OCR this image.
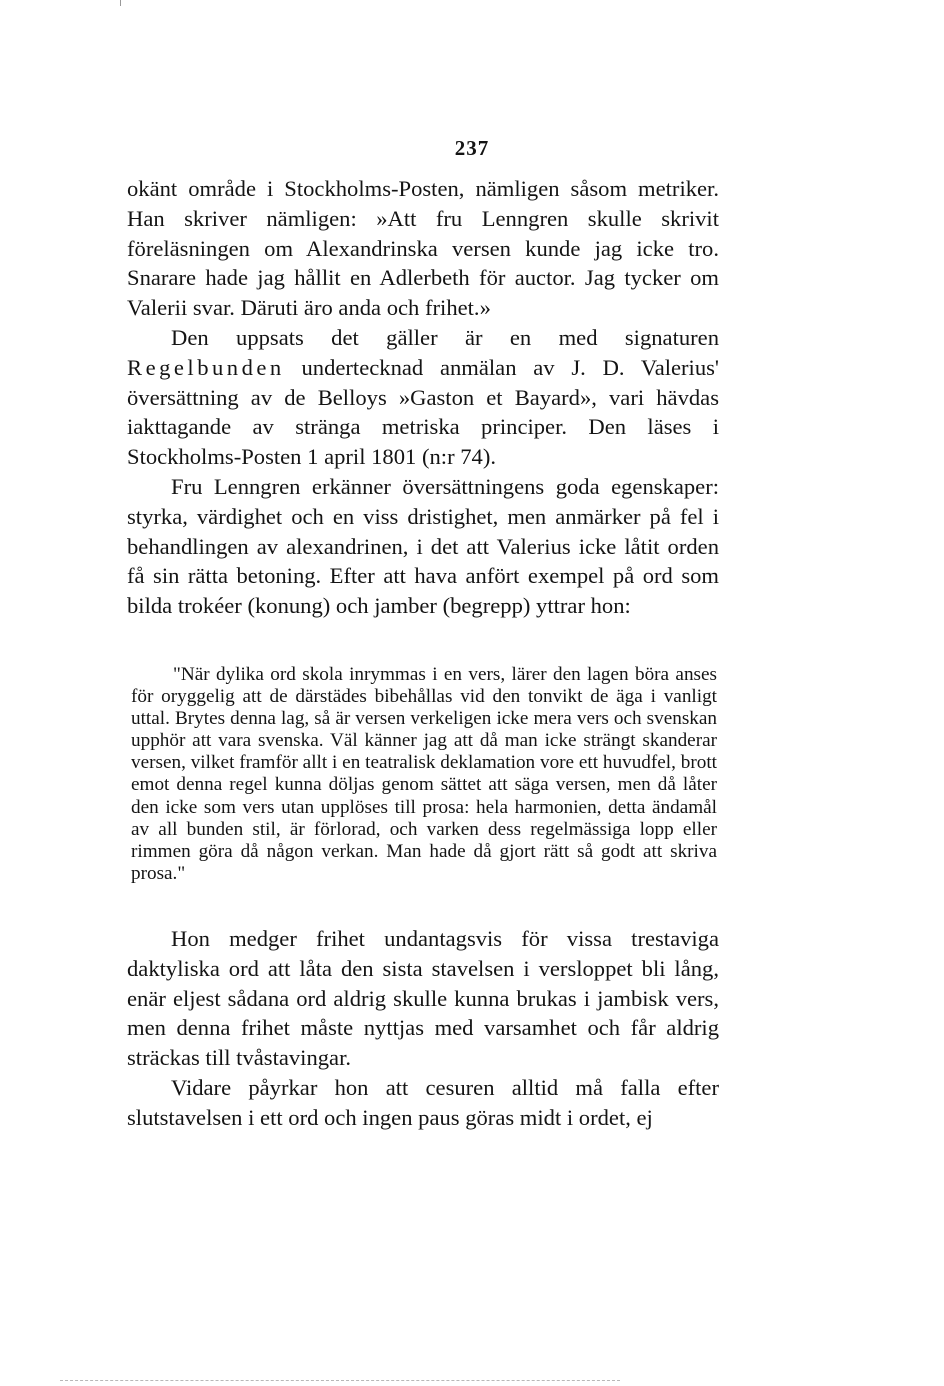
237

okänt område i Stockholms-Posten, nämligen såsom metriker. Han skriver nämligen: »Att fru Lenngren skulle skrivit föreläsningen om Alexandrinska versen kunde jag icke tro. Snarare hade jag hållit en Adlerbeth för auctor. Jag tycker om Valerii svar. Däruti äro anda och frihet.»

Den uppsats det gäller är en med signaturen Regelbunden undertecknad anmälan av J. D. Valerius' översättning av de Belloys »Gaston et Bayard», vari hävdas iakttagande av stränga metriska principer. Den läses i Stockholms-Posten 1 april 1801 (n:r 74).

Fru Lenngren erkänner översättningens goda egenskaper: styrka, värdighet och en viss dristighet, men anmärker på fel i behandlingen av alexandrinen, i det att Valerius icke låtit orden få sin rätta betoning. Efter att hava anfört exempel på ord som bilda trokéer (konung) och jamber (begrepp) yttrar hon:

"När dylika ord skola inrymmas i en vers, lärer den lagen böra anses för oryggelig att de därstädes bibehållas vid den tonvikt de äga i vanligt uttal. Brytes denna lag, så är versen verkeligen icke mera vers och svenskan upphör att vara svenska. Väl känner jag att då man icke strängt skanderar versen, vilket framför allt i en teatralisk deklamation vore ett huvudfel, brott emot denna regel kunna döljas genom sättet att säga versen, men då låter den icke som vers utan upplöses till prosa: hela harmonien, detta ändamål av all bunden stil, är förlorad, och varken dess regelmässiga lopp eller rimmen göra då någon verkan. Man hade då gjort rätt så godt att skriva prosa."

Hon medger frihet undantagsvis för vissa trestaviga daktyliska ord att låta den sista stavelsen i versloppet bli lång, enär eljest sådana ord aldrig skulle kunna brukas i jambisk vers, men denna frihet måste nyttjas med varsamhet och får aldrig sträckas till tvåstavingar.

Vidare påyrkar hon att cesuren alltid må falla efter slutstavelsen i ett ord och ingen paus göras midt i ordet, ej
